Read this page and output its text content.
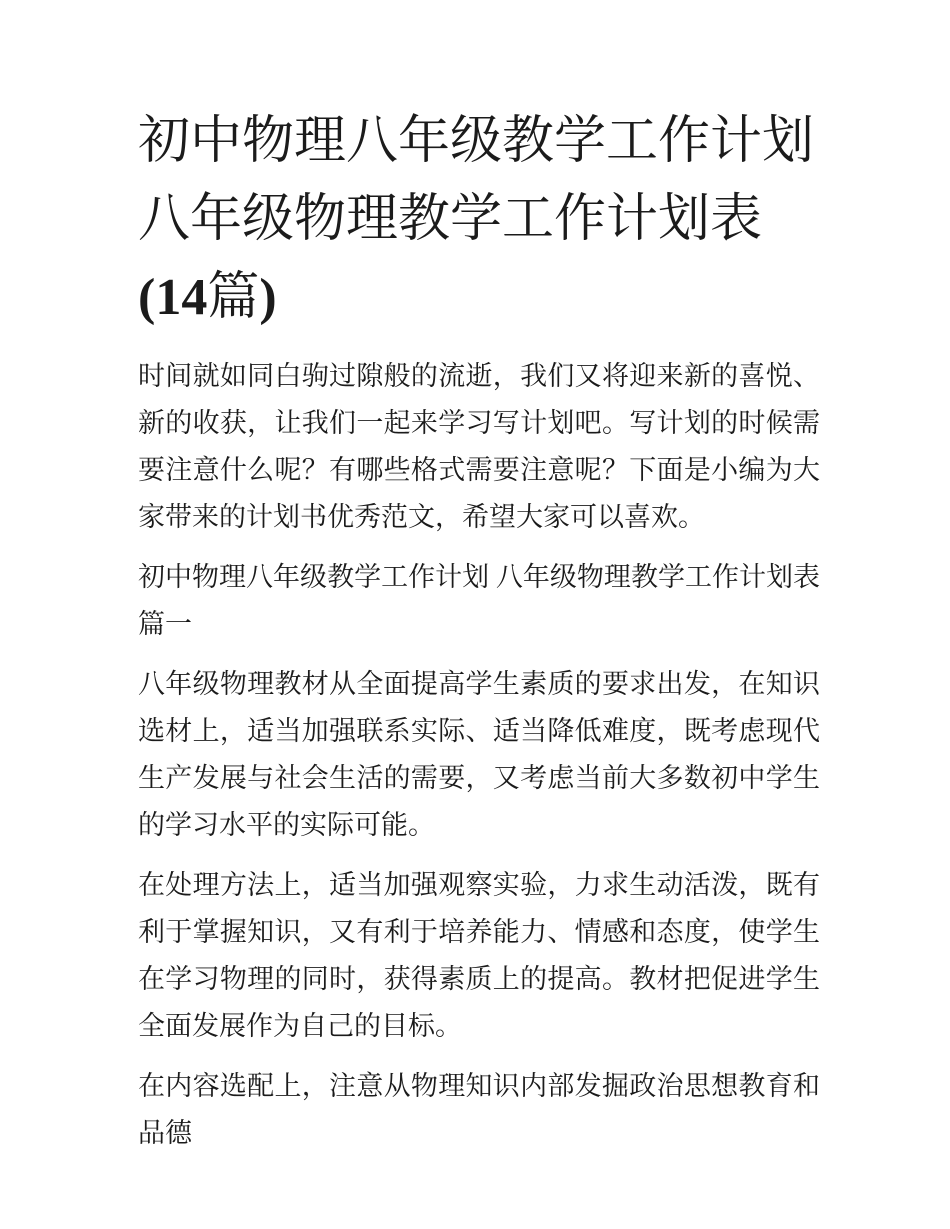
初中物理八年级教学工作计划 八年级物理教学工作计划表(14篇)

时间就如同白驹过隙般的流逝，我们又将迎来新的喜悦、新的收获，让我们一起来学习写计划吧。写计划的时候需要注意什么呢？有哪些格式需要注意呢？下面是小编为大家带来的计划书优秀范文，希望大家可以喜欢。

初中物理八年级教学工作计划 八年级物理教学工作计划表篇一

八年级物理教材从全面提高学生素质的要求出发，在知识选材上，适当加强联系实际、适当降低难度，既考虑现代生产发展与社会生活的需要，又考虑当前大多数初中学生的学习水平的实际可能。

在处理方法上，适当加强观察实验，力求生动活泼，既有利于掌握知识，又有利于培养能力、情感和态度，使学生在学习物理的同时，获得素质上的提高。教材把促进学生全面发展作为自己的目标。

在内容选配上，注意从物理知识内部发掘政治思想教育和品德
